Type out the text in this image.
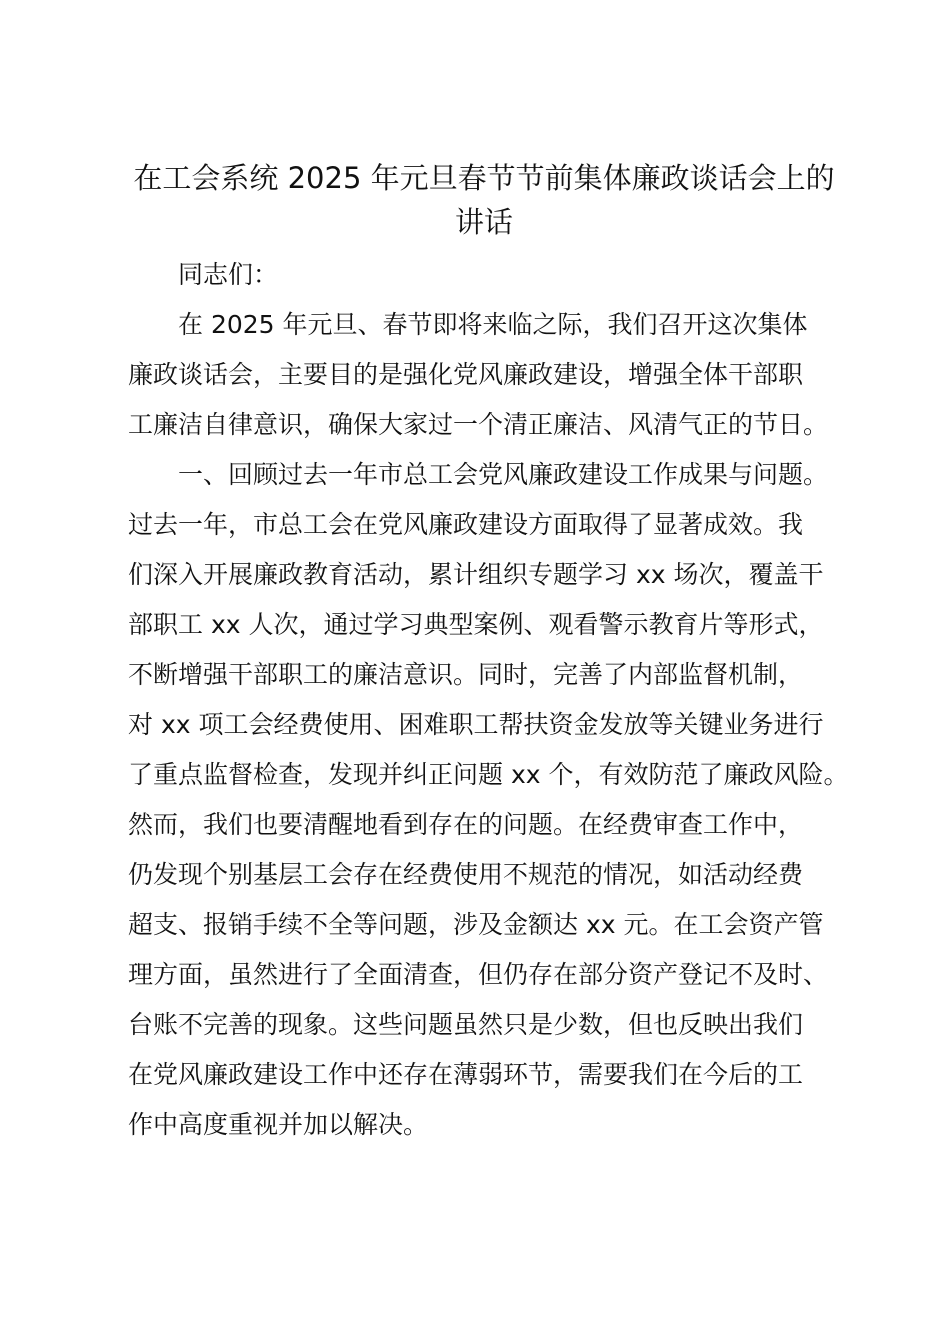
在工会系统 2025 年元旦春节节前集体廉政谈话会上的
讲话

同志们：

在 2025 年元旦、春节即将来临之际，我们召开这次集体
廉政谈话会，主要目的是强化党风廉政建设，增强全体干部职
工廉洁自律意识，确保大家过一个清正廉洁、风清气正的节日。

一、回顾过去一年市总工会党风廉政建设工作成果与问题。
过去一年，市总工会在党风廉政建设方面取得了显著成效。我
们深入开展廉政教育活动，累计组织专题学习 xx 场次，覆盖干
部职工 xx 人次，通过学习典型案例、观看警示教育片等形式，
不断增强干部职工的廉洁意识。同时，完善了内部监督机制，
对 xx 项工会经费使用、困难职工帮扶资金发放等关键业务进行
了重点监督检查，发现并纠正问题 xx 个，有效防范了廉政风险。
然而，我们也要清醒地看到存在的问题。在经费审查工作中，
仍发现个别基层工会存在经费使用不规范的情况，如活动经费
超支、报销手续不全等问题，涉及金额达 xx 元。在工会资产管
理方面，虽然进行了全面清查，但仍存在部分资产登记不及时、
台账不完善的现象。这些问题虽然只是少数，但也反映出我们
在党风廉政建设工作中还存在薄弱环节，需要我们在今后的工
作中高度重视并加以解决。
